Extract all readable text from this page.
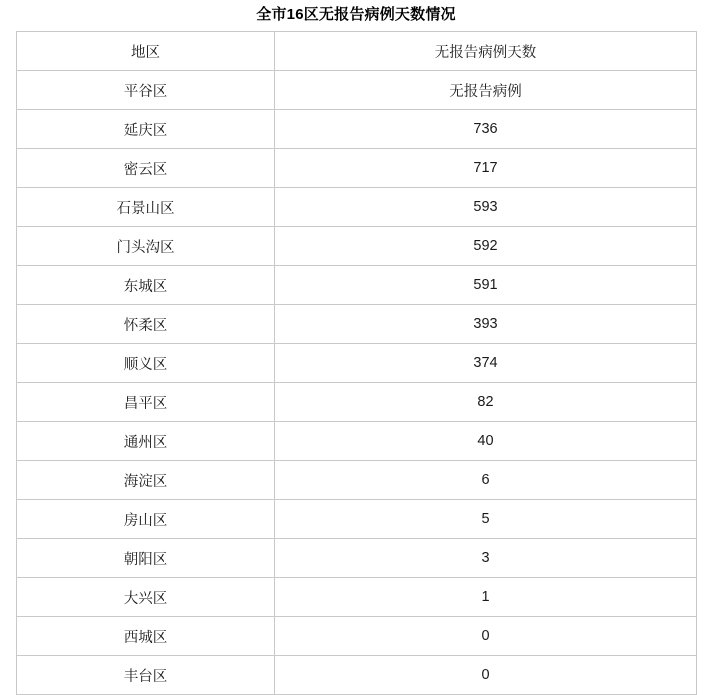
全市16区无报告病例天数情况
地区	无报告病例天数
平谷区	无报告病例
延庆区	736
密云区	717
石景山区	593
门头沟区	592
东城区	591
怀柔区	393
顺义区	374
昌平区	82
通州区	40
海淀区	6
房山区	5
朝阳区	3
大兴区	1
西城区	0
丰台区	0
